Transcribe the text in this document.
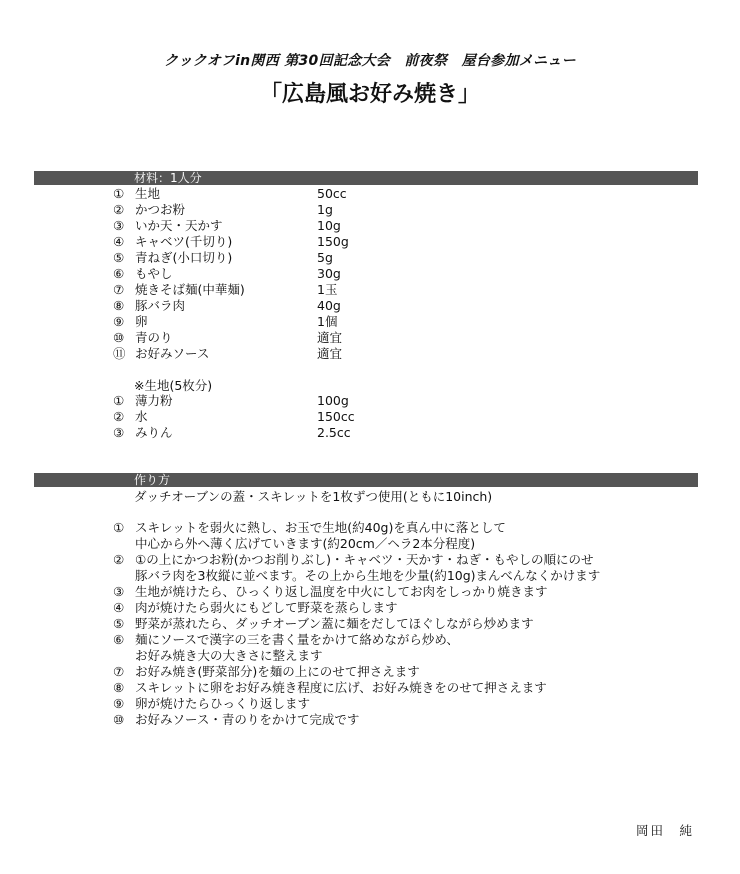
クックオフin関西 第30回記念大会　前夜祭　屋台参加メニュー
「広島風お好み焼き」
材料：1人分
① 生地	50cc
② かつお粉	1g
③ いか天・天かす	10g
④ キャベツ(千切り)	150g
⑤ 青ねぎ(小口切り)	5g
⑥ もやし	30g
⑦ 焼きそば麺(中華麺)	1玉
⑧ 豚バラ肉	40g
⑨ 卵	1個
⑩ 青のり	適宜
⑪ お好みソース	適宜
※生地(5枚分)
① 薄力粉	100g
② 水	150cc
③ みりん	2.5cc
作り方
ダッチオーブンの蓋・スキレットを1枚ずつ使用(ともに10inch)
① スキレットを弱火に熱し、お玉で生地(約40g)を真ん中に落として
中心から外へ薄く広げていきます(約20cm／ヘラ2本分程度)
② ①の上にかつお粉(かつお削りぶし)・キャベツ・天かす・ねぎ・もやしの順にのせ
豚バラ肉を3枚縦に並べます。その上から生地を少量(約10g)まんべんなくかけます
③ 生地が焼けたら、ひっくり返し温度を中火にしてお肉をしっかり焼きます
④ 肉が焼けたら弱火にもどして野菜を蒸らします
⑤ 野菜が蒸れたら、ダッチオーブン蓋に麺をだしてほぐしながら炒めます
⑥ 麺にソースで漢字の三を書く量をかけて絡めながら炒め、
お好み焼き大の大きさに整えます
⑦ お好み焼き(野菜部分)を麺の上にのせて押さえます
⑧ スキレットに卵をお好み焼き程度に広げ、お好み焼きをのせて押さえます
⑨ 卵が焼けたらひっくり返します
⑩ お好みソース・青のりをかけて完成です
岡田　純
